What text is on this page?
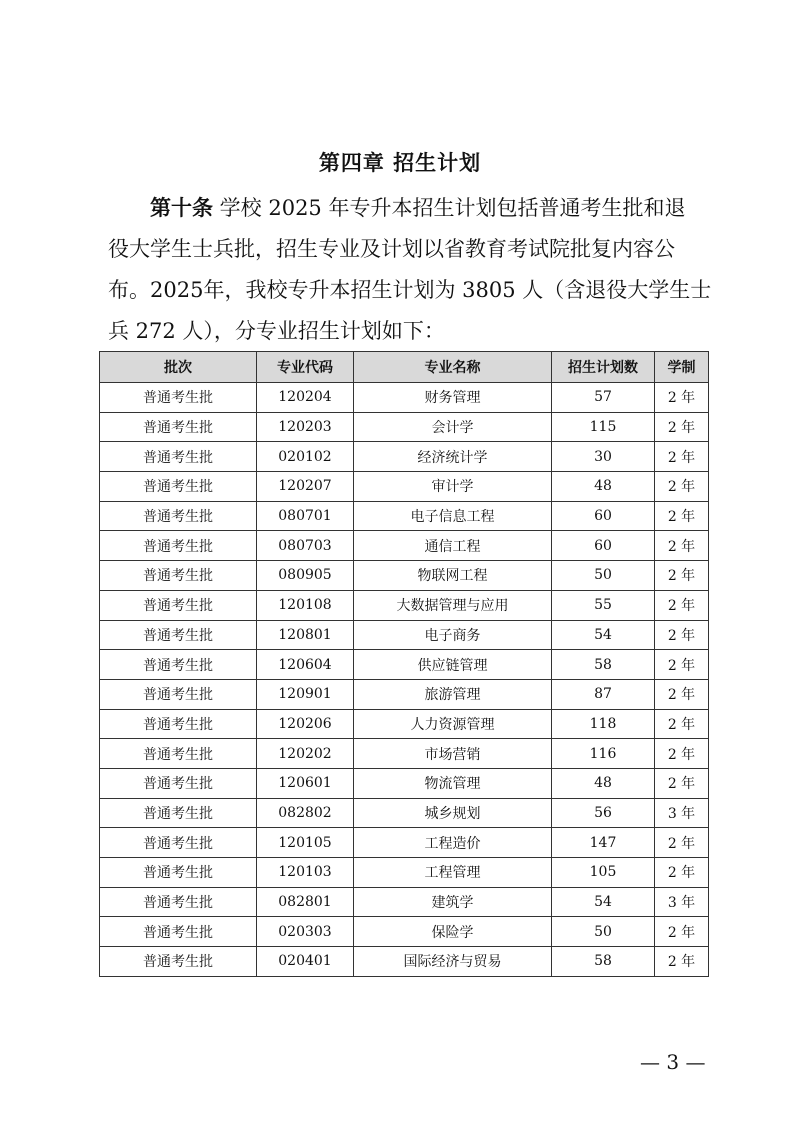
第四章 招生计划
第十条 学校 2025 年专升本招生计划包括普通考生批和退
役大学生士兵批，招生专业及计划以省教育考试院批复内容公
布。2025年，我校专升本招生计划为 3805 人（含退役大学生士
兵 272 人），分专业招生计划如下：
批次	专业代码	专业名称	招生计划数	学制
普通考生批	120204	财务管理	57	2 年
普通考生批	120203	会计学	115	2 年
普通考生批	020102	经济统计学	30	2 年
普通考生批	120207	审计学	48	2 年
普通考生批	080701	电子信息工程	60	2 年
普通考生批	080703	通信工程	60	2 年
普通考生批	080905	物联网工程	50	2 年
普通考生批	120108	大数据管理与应用	55	2 年
普通考生批	120801	电子商务	54	2 年
普通考生批	120604	供应链管理	58	2 年
普通考生批	120901	旅游管理	87	2 年
普通考生批	120206	人力资源管理	118	2 年
普通考生批	120202	市场营销	116	2 年
普通考生批	120601	物流管理	48	2 年
普通考生批	082802	城乡规划	56	3 年
普通考生批	120105	工程造价	147	2 年
普通考生批	120103	工程管理	105	2 年
普通考生批	082801	建筑学	54	3 年
普通考生批	020303	保险学	50	2 年
普通考生批	020401	国际经济与贸易	58	2 年
— 3 —
